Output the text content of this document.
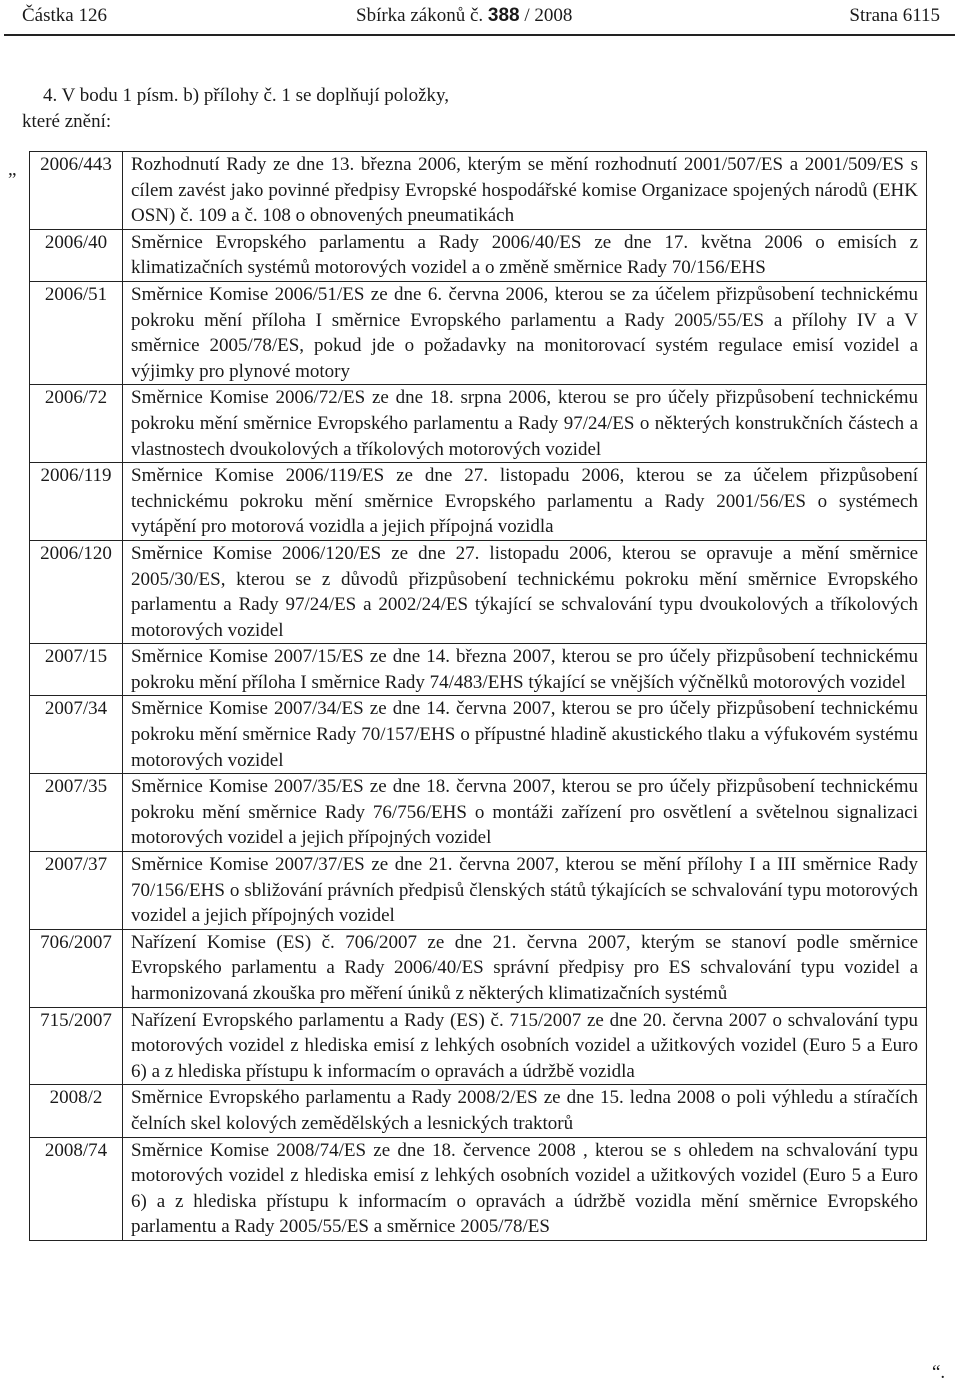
Částka 126	Sbírka zákonů č. 388 / 2008	Strana 6115

4. V bodu 1 písm. b) přílohy č. 1 se doplňují položky, které znění:

„ 2006/443	Rozhodnutí Rady ze dne 13. března 2006, kterým se mění rozhodnutí 2001/507/ES a 2001/509/ES s cílem zavést jako povinné předpisy Evropské hospodářské komise Organizace spojených národů (EHK OSN) č. 109 a č. 108 o obnovených pneumatikách
2006/40	Směrnice Evropského parlamentu a Rady 2006/40/ES ze dne 17. května 2006 o emisích z klimatizačních systémů motorových vozidel a o změně směrnice Rady 70/156/EHS
2006/51	Směrnice Komise 2006/51/ES ze dne 6. června 2006, kterou se za účelem přizpůsobení technickému pokroku mění příloha I směrnice Evropského parlamentu a Rady 2005/55/ES a přílohy IV a V směrnice 2005/78/ES, pokud jde o požadavky na monitorovací systém regulace emisí vozidel a výjimky pro plynové motory
2006/72	Směrnice Komise 2006/72/ES ze dne 18. srpna 2006, kterou se pro účely přizpůsobení technickému pokroku mění směrnice Evropského parlamentu a Rady 97/24/ES o některých konstrukčních částech a vlastnostech dvoukolových a tříkolových motorových vozidel
2006/119	Směrnice Komise 2006/119/ES ze dne 27. listopadu 2006, kterou se za účelem přizpůsobení technickému pokroku mění směrnice Evropského parlamentu a Rady 2001/56/ES o systémech vytápění pro motorová vozidla a jejich přípojná vozidla
2006/120	Směrnice Komise 2006/120/ES ze dne 27. listopadu 2006, kterou se opravuje a mění směrnice 2005/30/ES, kterou se z důvodů přizpůsobení technickému pokroku mění směrnice Evropského parlamentu a Rady 97/24/ES a 2002/24/ES týkající se schvalování typu dvoukolových a tříkolových motorových vozidel
2007/15	Směrnice Komise 2007/15/ES ze dne 14. března 2007, kterou se pro účely přizpůsobení technickému pokroku mění příloha I směrnice Rady 74/483/EHS týkající se vnějších výčnělků motorových vozidel
2007/34	Směrnice Komise 2007/34/ES ze dne 14. června 2007, kterou se pro účely přizpůsobení technickému pokroku mění směrnice Rady 70/157/EHS o přípustné hladině akustického tlaku a výfukovém systému motorových vozidel
2007/35	Směrnice Komise 2007/35/ES ze dne 18. června 2007, kterou se pro účely přizpůsobení technickému pokroku mění směrnice Rady 76/756/EHS o montáži zařízení pro osvětlení a světelnou signalizaci motorových vozidel a jejich přípojných vozidel
2007/37	Směrnice Komise 2007/37/ES ze dne 21. června 2007, kterou se mění přílohy I a III směrnice Rady 70/156/EHS o sbližování právních předpisů členských států týkajících se schvalování typu motorových vozidel a jejich přípojných vozidel
706/2007	Nařízení Komise (ES) č. 706/2007 ze dne 21. června 2007, kterým se stanoví podle směrnice Evropského parlamentu a Rady 2006/40/ES správní předpisy pro ES schvalování typu vozidel a harmonizovaná zkouška pro měření úniků z některých klimatizačních systémů
715/2007	Nařízení Evropského parlamentu a Rady (ES) č. 715/2007 ze dne 20. června 2007 o schvalování typu motorových vozidel z hlediska emisí z lehkých osobních vozidel a užitkových vozidel (Euro 5 a Euro 6) a z hlediska přístupu k informacím o opravách a údržbě vozidla
2008/2	Směrnice Evropského parlamentu a Rady 2008/2/ES ze dne 15. ledna 2008 o poli výhledu a stíračích čelních skel kolových zemědělských a lesnických traktorů
2008/74	Směrnice Komise 2008/74/ES ze dne 18. července 2008 , kterou se s ohledem na schvalování typu motorových vozidel z hlediska emisí z lehkých osobních vozidel a užitkových vozidel (Euro 5 a Euro 6) a z hlediska přístupu k informacím o opravách a údržbě vozidla mění směrnice Evropského parlamentu a Rady 2005/55/ES a směrnice 2005/78/ES
“.
